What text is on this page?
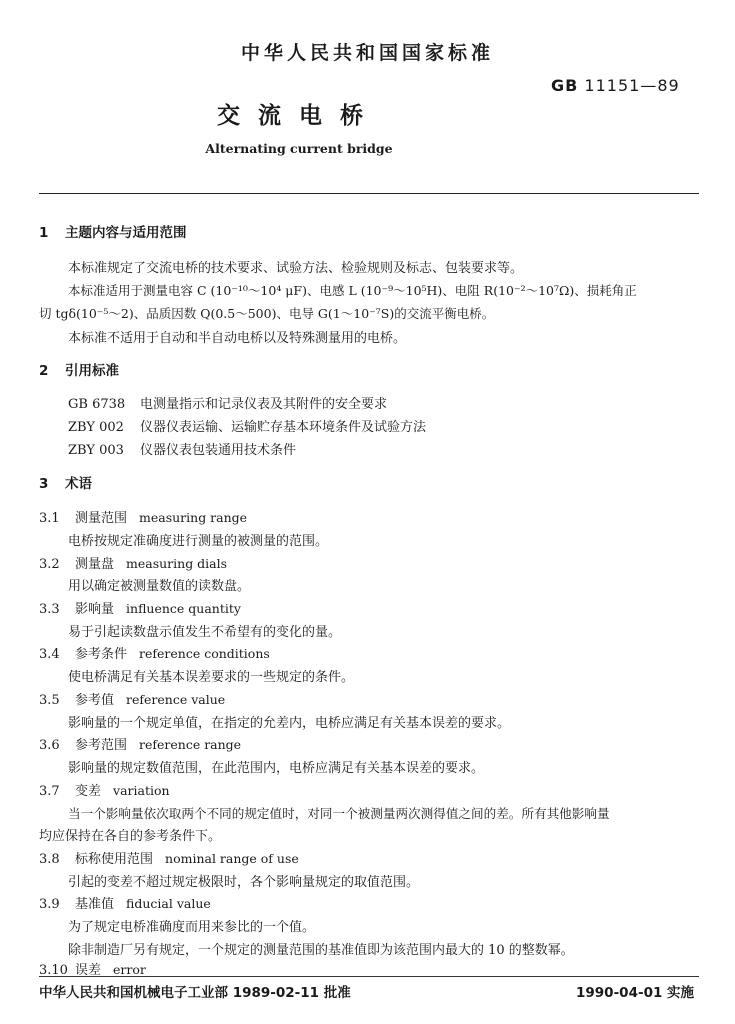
中华人民共和国国家标准
GB 11151—89
交流电桥
Alternating current bridge
1 主题内容与适用范围
本标准规定了交流电桥的技术要求、试验方法、检验规则及标志、包装要求等。
本标准适用于测量电容 C (10⁻¹⁰～10⁴ μF)、电感 L (10⁻⁹～10⁵H)、电阻 R(10⁻²～10⁷Ω)、损耗角正
切 tgδ(10⁻⁵～2)、品质因数 Q(0.5～500)、电导 G(1～10⁻⁷S)的交流平衡电桥。
本标准不适用于自动和半自动电桥以及特殊测量用的电桥。
2 引用标准
GB 6738 电测量指示和记录仪表及其附件的安全要求
ZBY 002 仪器仪表运输、运输贮存基本环境条件及试验方法
ZBY 003 仪器仪表包装通用技术条件
3 术语
3.1 测量范围 measuring range
电桥按规定准确度进行测量的被测量的范围。
3.2 测量盘 measuring dials
用以确定被测量数值的读数盘。
3.3 影响量 influence quantity
易于引起读数盘示值发生不希望有的变化的量。
3.4 参考条件 reference conditions
使电桥满足有关基本误差要求的一些规定的条件。
3.5 参考值 reference value
影响量的一个规定单值，在指定的允差内，电桥应满足有关基本误差的要求。
3.6 参考范围 reference range
影响量的规定数值范围，在此范围内，电桥应满足有关基本误差的要求。
3.7 变差 variation
当一个影响量依次取两个不同的规定值时，对同一个被测量两次测得值之间的差。所有其他影响量
均应保持在各自的参考条件下。
3.8 标称使用范围 nominal range of use
引起的变差不超过规定极限时，各个影响量规定的取值范围。
3.9 基准值 fiducial value
为了规定电桥准确度而用来参比的一个值。
除非制造厂另有规定，一个规定的测量范围的基准值即为该范围内最大的 10 的整数幂。
3.10 误差 error
中华人民共和国机械电子工业部 1989-02-11 批准	1990-04-01 实施
